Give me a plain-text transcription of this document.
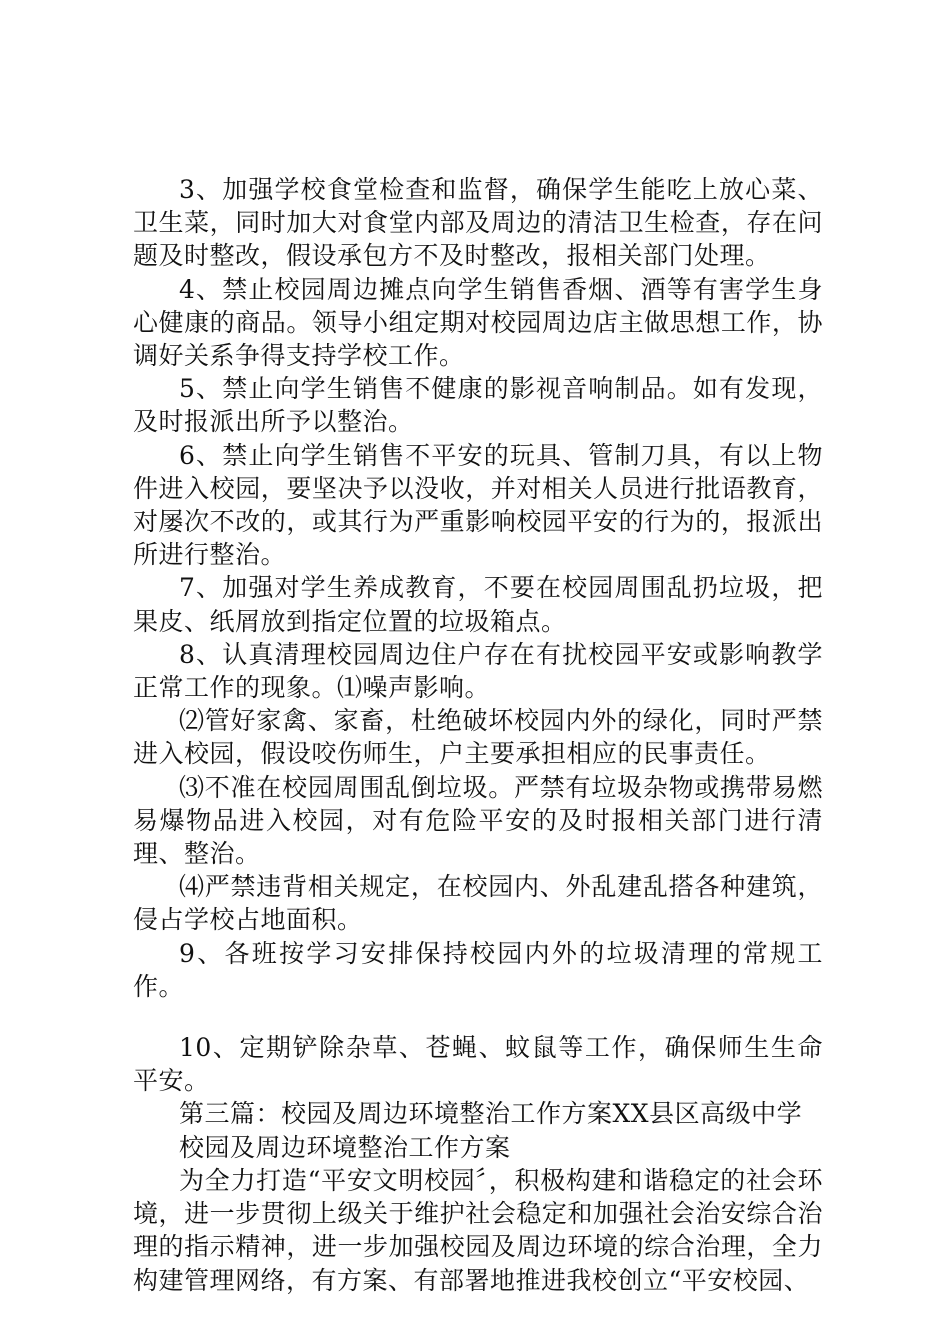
3、加强学校食堂检查和监督，确保学生能吃上放心菜、卫生菜，同时加大对食堂内部及周边的清洁卫生检查，存在问题及时整改，假设承包方不及时整改，报相关部门处理。

4、禁止校园周边摊点向学生销售香烟、酒等有害学生身心健康的商品。领导小组定期对校园周边店主做思想工作，协调好关系争得支持学校工作。

5、禁止向学生销售不健康的影视音响制品。如有发现，及时报派出所予以整治。

6、禁止向学生销售不平安的玩具、管制刀具，有以上物件进入校园，要坚决予以没收，并对相关人员进行批语教育，对屡次不改的，或其行为严重影响校园平安的行为的，报派出所进行整治。

7、加强对学生养成教育，不要在校园周围乱扔垃圾，把果皮、纸屑放到指定位置的垃圾箱点。

8、认真清理校园周边住户存在有扰校园平安或影响教学正常工作的现象。⑴噪声影响。

⑵管好家禽、家畜，杜绝破坏校园内外的绿化，同时严禁进入校园，假设咬伤师生，户主要承担相应的民事责任。

⑶不准在校园周围乱倒垃圾。严禁有垃圾杂物或携带易燃易爆物品进入校园，对有危险平安的及时报相关部门进行清理、整治。

⑷严禁违背相关规定，在校园内、外乱建乱搭各种建筑，侵占学校占地面积。

9、各班按学习安排保持校园内外的垃圾清理的常规工作。

10、定期铲除杂草、苍蝇、蚊鼠等工作，确保师生生命平安。

第三篇：校园及周边环境整治工作方案XX县区高级中学

校园及周边环境整治工作方案

为全力打造“平安文明校园〞，积极构建和谐稳定的社会环境，进一步贯彻上级关于维护社会稳定和加强社会治安综合治理的指示精神，进一步加强校园及周边环境的综合治理，全力构建管理网络，有方案、有部署地推进我校创立“平安校园、
